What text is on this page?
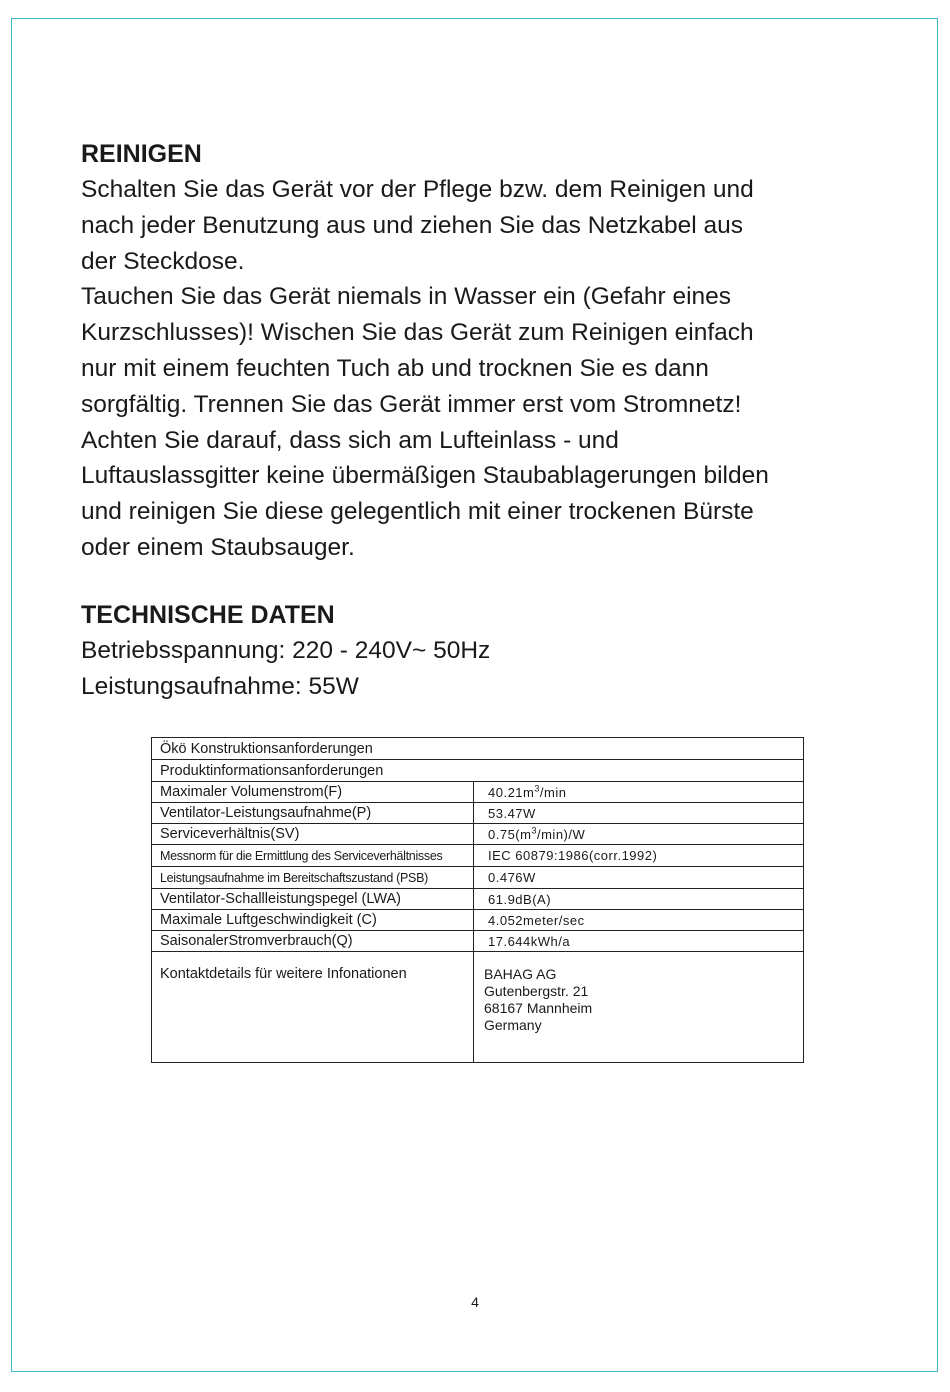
REINIGEN
Schalten Sie das Gerät vor der Pflege bzw. dem Reinigen und
nach jeder Benutzung aus und ziehen Sie das Netzkabel aus
der Steckdose.
Tauchen Sie das Gerät niemals in Wasser ein (Gefahr eines
Kurzschlusses)! Wischen Sie das Gerät zum Reinigen einfach
nur mit einem feuchten Tuch ab und trocknen Sie es dann
sorgfältig. Trennen Sie das Gerät immer erst vom Stromnetz!
Achten Sie darauf, dass sich am Lufteinlass - und
Luftauslassgitter keine übermäßigen Staubablagerungen bilden
und reinigen Sie diese gelegentlich mit einer trockenen Bürste
oder einem Staubsauger.
TECHNISCHE DATEN
Betriebsspannung: 220 - 240V~ 50Hz
Leistungsaufnahme: 55W
Ökö Konstruktionsanforderungen	
Produktinformationsanforderungen	
Maximaler Volumenstrom(F)	$40.21m^3/\min$
Ventilator-Leistungsaufnahme(P)	53.47W
Serviceverhältnis(SV)	$0.75(m^3/\min)/W$
Messnorm für die Ermittlung des Serviceverhältnisses	IEC 60879:1986(corr.1992)
Leistungsaufnahme im Bereitschaftszustand (PSB)	0.476W
Ventilator-Schallleistungspegel (LWA)	61.9dB(A)
Maximale Luftgeschwindigkeit (C)	4.052meter/sec
SaisonalerStromverbrauch(Q)	17.644kWh/a
Kontaktdetails für weitere Infonationen	BAHAG AG
Gutenbergstr. 21
68167 Mannheim
Germany
4
